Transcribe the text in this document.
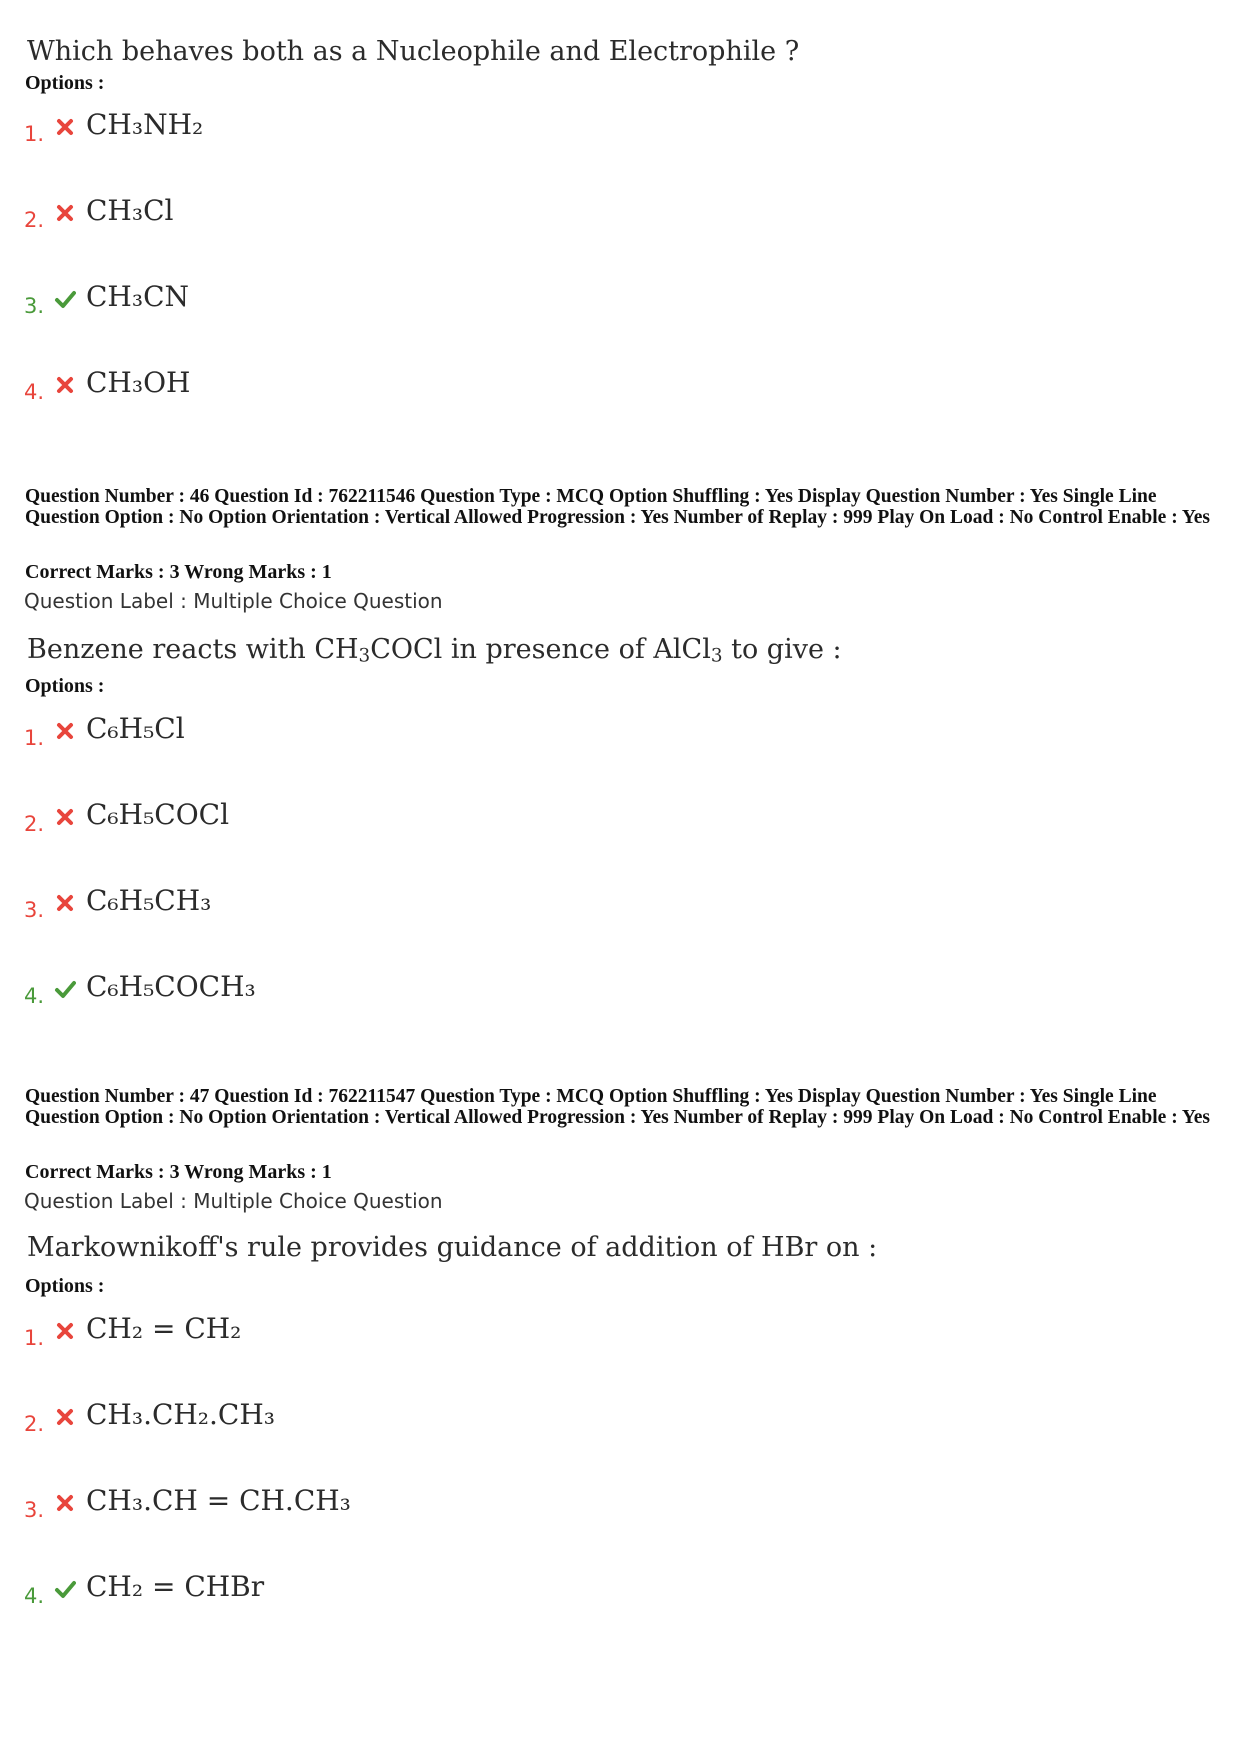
Which behaves both as a Nucleophile and Electrophile ?
Options :
1. CH₃NH₂
2. CH₃Cl
3. CH₃CN
4. CH₃OH
Question Number : 46 Question Id : 762211546 Question Type : MCQ Option Shuffling : Yes Display Question Number : Yes Single Line Question Option : No Option Orientation : Vertical Allowed Progression : Yes Number of Replay : 999 Play On Load : No Control Enable : Yes
Correct Marks : 3 Wrong Marks : 1
Question Label : Multiple Choice Question
Benzene reacts with $CH_3COCl$ in presence of AlCl$_3$ to give :
Options :
1. C₆H₅Cl
2. C₆H₅COCl
3. C₆H₅CH₃
4. C₆H₅COCH₃
Question Number : 47 Question Id : 762211547 Question Type : MCQ Option Shuffling : Yes Display Question Number : Yes Single Line Question Option : No Option Orientation : Vertical Allowed Progression : Yes Number of Replay : 999 Play On Load : No Control Enable : Yes
Correct Marks : 3 Wrong Marks : 1
Question Label : Multiple Choice Question
Markownikoff's rule provides guidance of addition of HBr on :
Options :
1. CH₂ = CH₂
2. CH₃.CH₂.CH₃
3. CH₃.CH = CH.CH₃
4. CH₂ = CHBr
